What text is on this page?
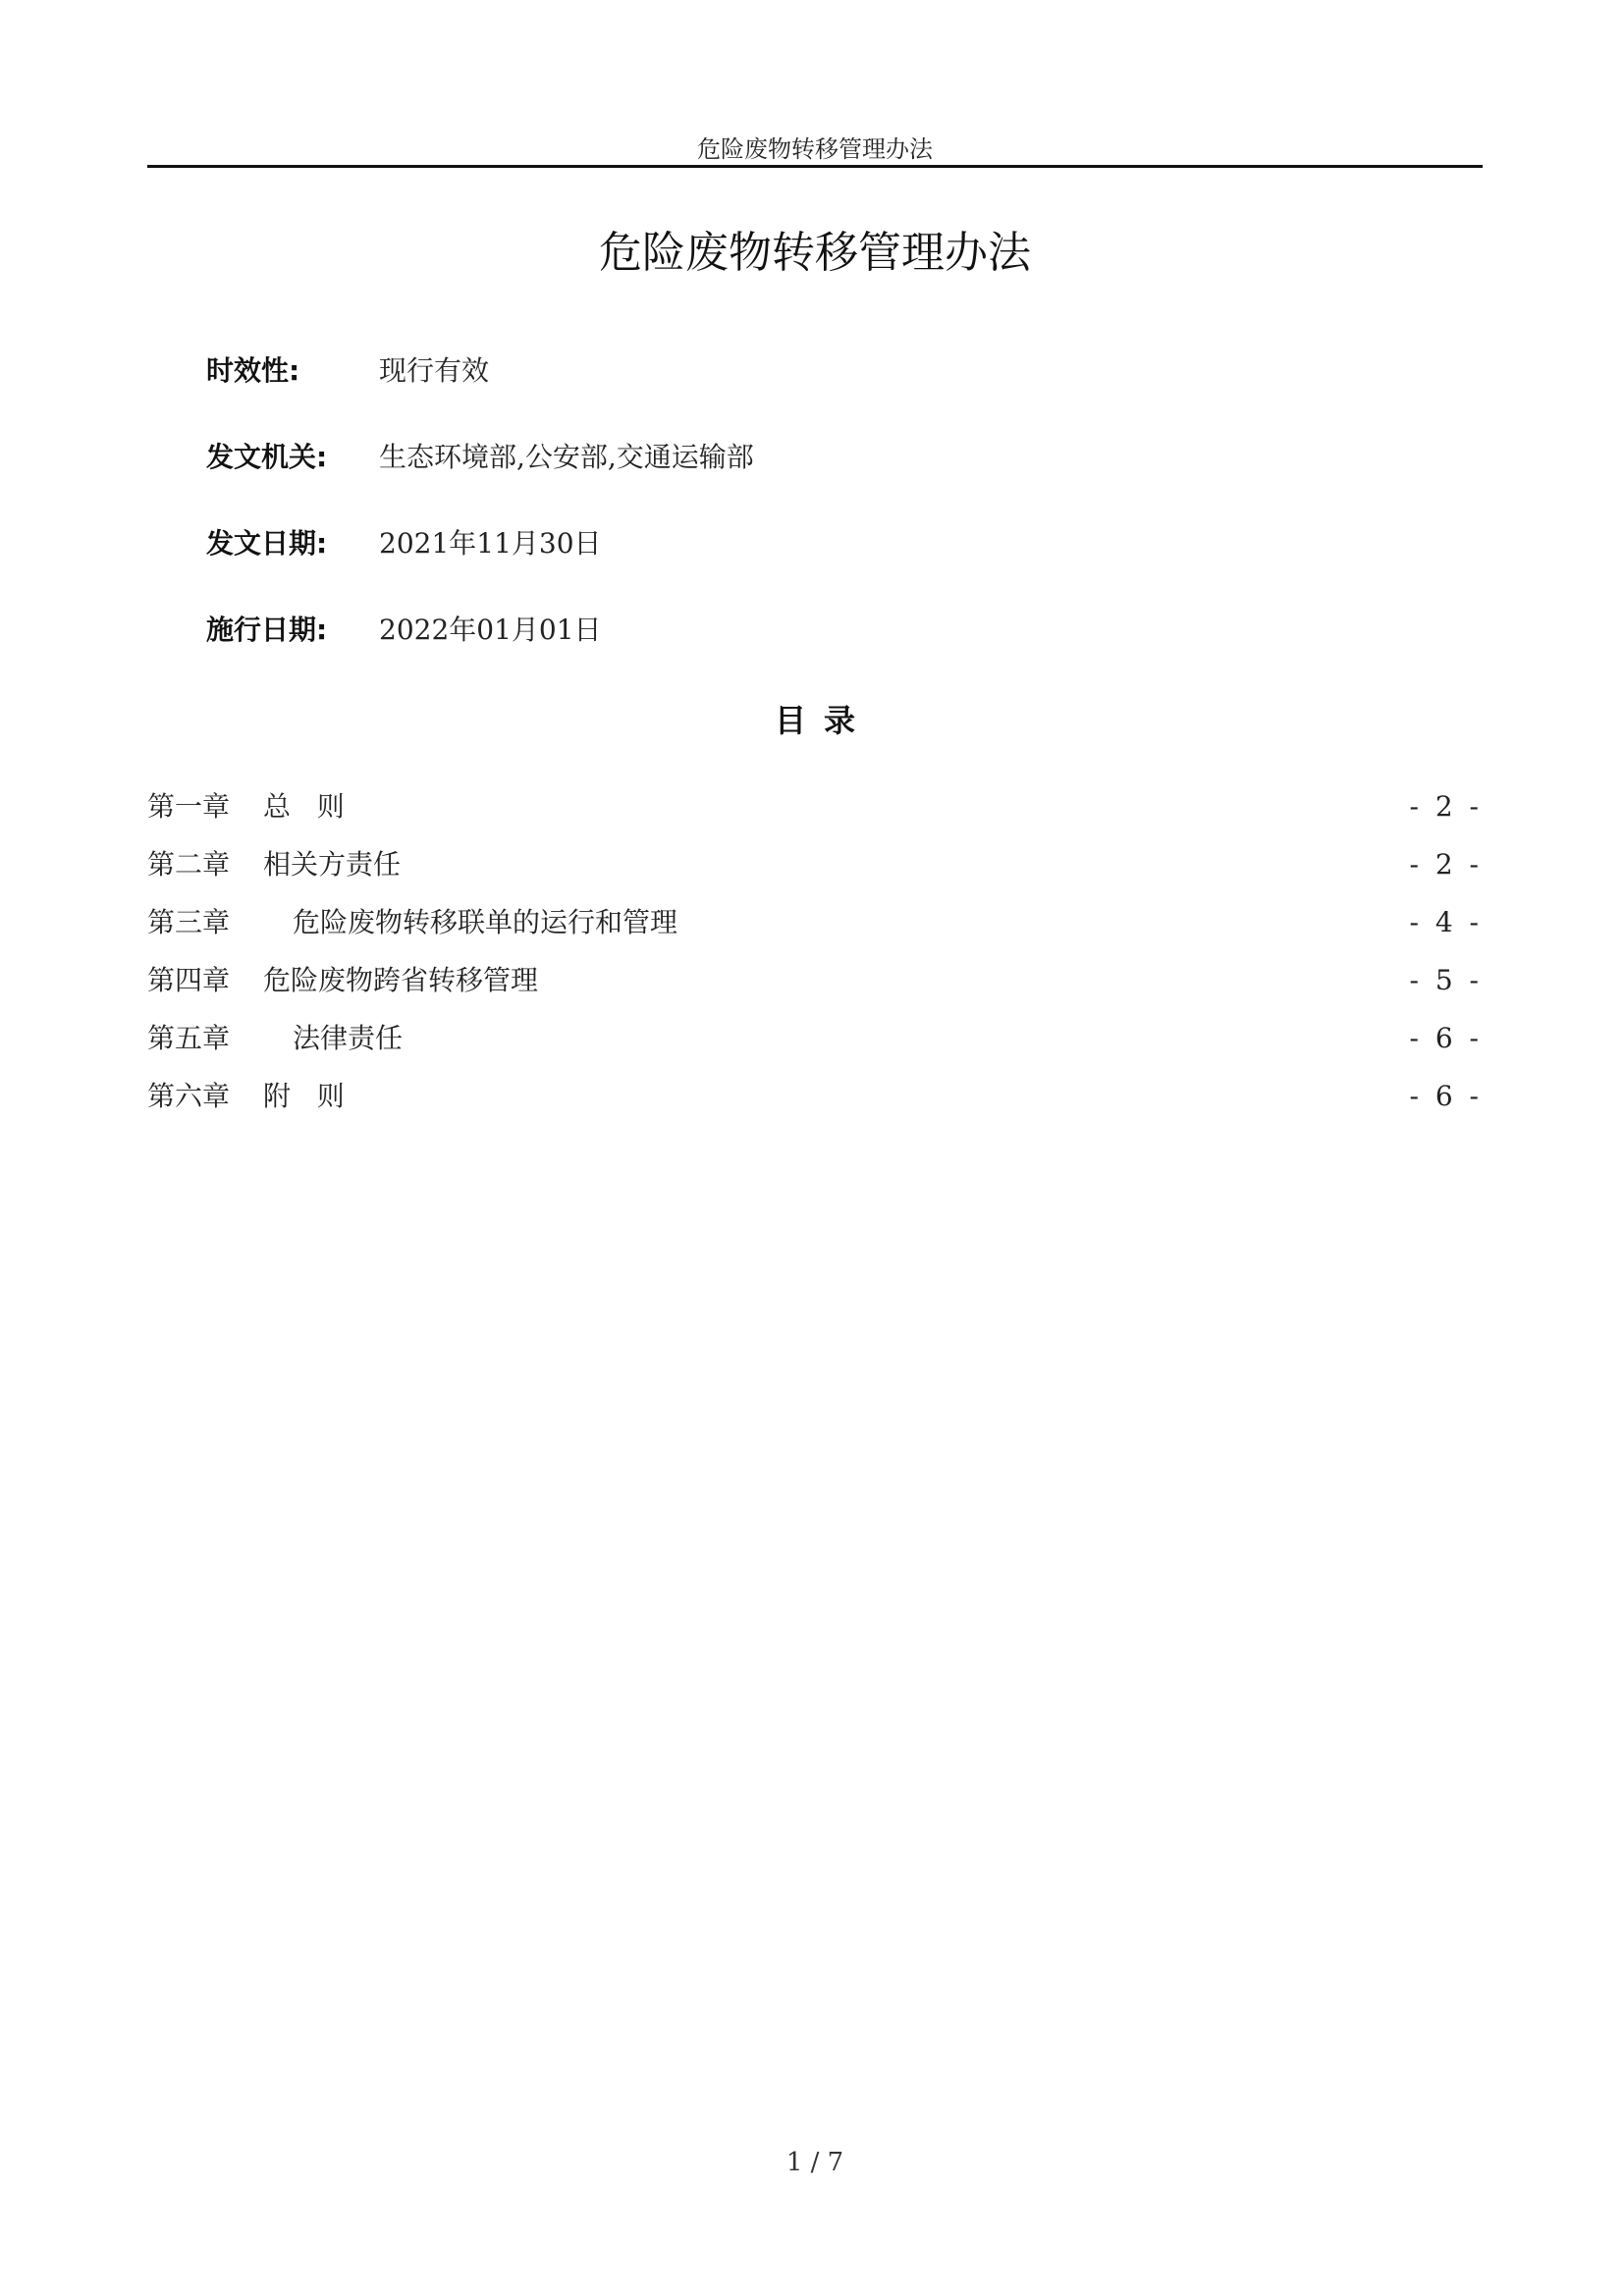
危险废物转移管理办法
危险废物转移管理办法
时效性:	现行有效
发文机关:	生态环境部,公安部,交通运输部
发文日期:	2021年11月30日
施行日期:	2022年01月01日
目录
第一章	总   则	- 2 -
第二章	相关方责任	- 2 -
第三章	危险废物转移联单的运行和管理	- 4 -
第四章	危险废物跨省转移管理	- 5 -
第五章	法律责任	- 6 -
第六章	附   则	- 6 -
1 / 7
